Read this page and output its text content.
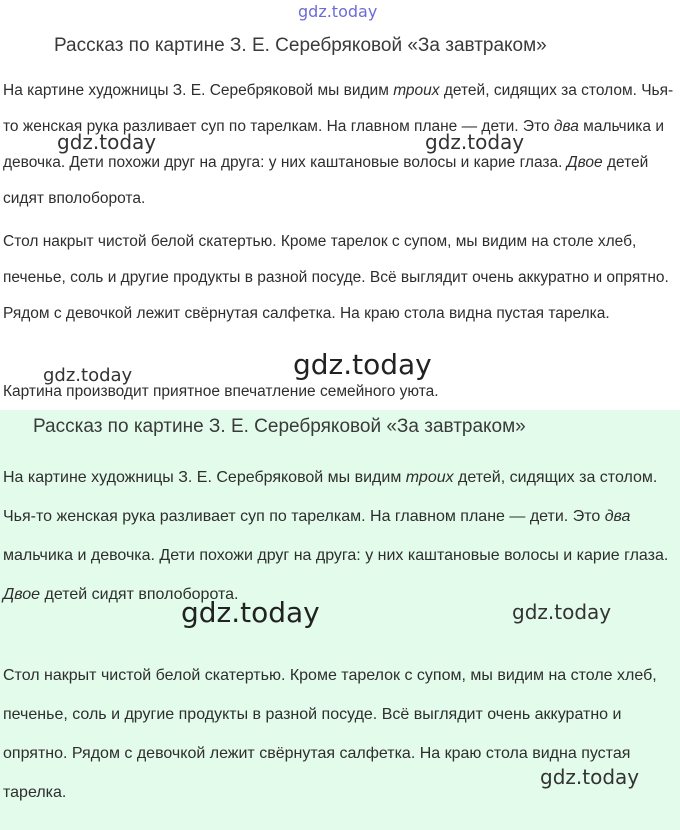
Рассказ по картине З. Е. Серебряковой «За завтраком»

На картине художницы З. Е. Серебряковой мы видим троих детей, сидящих за столом. Чья-то женская рука разливает суп по тарелкам. На главном плане — дети. Это два мальчика и девочка. Дети похожи друг на друга: у них каштановые волосы и карие глаза. Двое детей сидят вполоборота.

Стол накрыт чистой белой скатертью. Кроме тарелок с супом, мы видим на столе хлеб, печенье, соль и другие продукты в разной посуде. Всё выглядит очень аккуратно и опрятно. Рядом с девочкой лежит свёрнутая салфетка. На краю стола видна пустая тарелка.

Картина производит приятное впечатление семейного уюта.

Рассказ по картине З. Е. Серебряковой «За завтраком»

На картине художницы З. Е. Серебряковой мы видим троих детей, сидящих за столом. Чья-то женская рука разливает суп по тарелкам. На главном плане — дети. Это два мальчика и девочка. Дети похожи друг на друга: у них каштановые волосы и карие глаза. Двое детей сидят вполоборота.

Стол накрыт чистой белой скатертью. Кроме тарелок с супом, мы видим на столе хлеб, печенье, соль и другие продукты в разной посуде. Всё выглядит очень аккуратно и опрятно. Рядом с девочкой лежит свёрнутая салфетка. На краю стола видна пустая тарелка.

gdz.today
gdz.today	gdz.today
gdz.today
gdz.today
gdz.today	gdz.today
gdz.today
